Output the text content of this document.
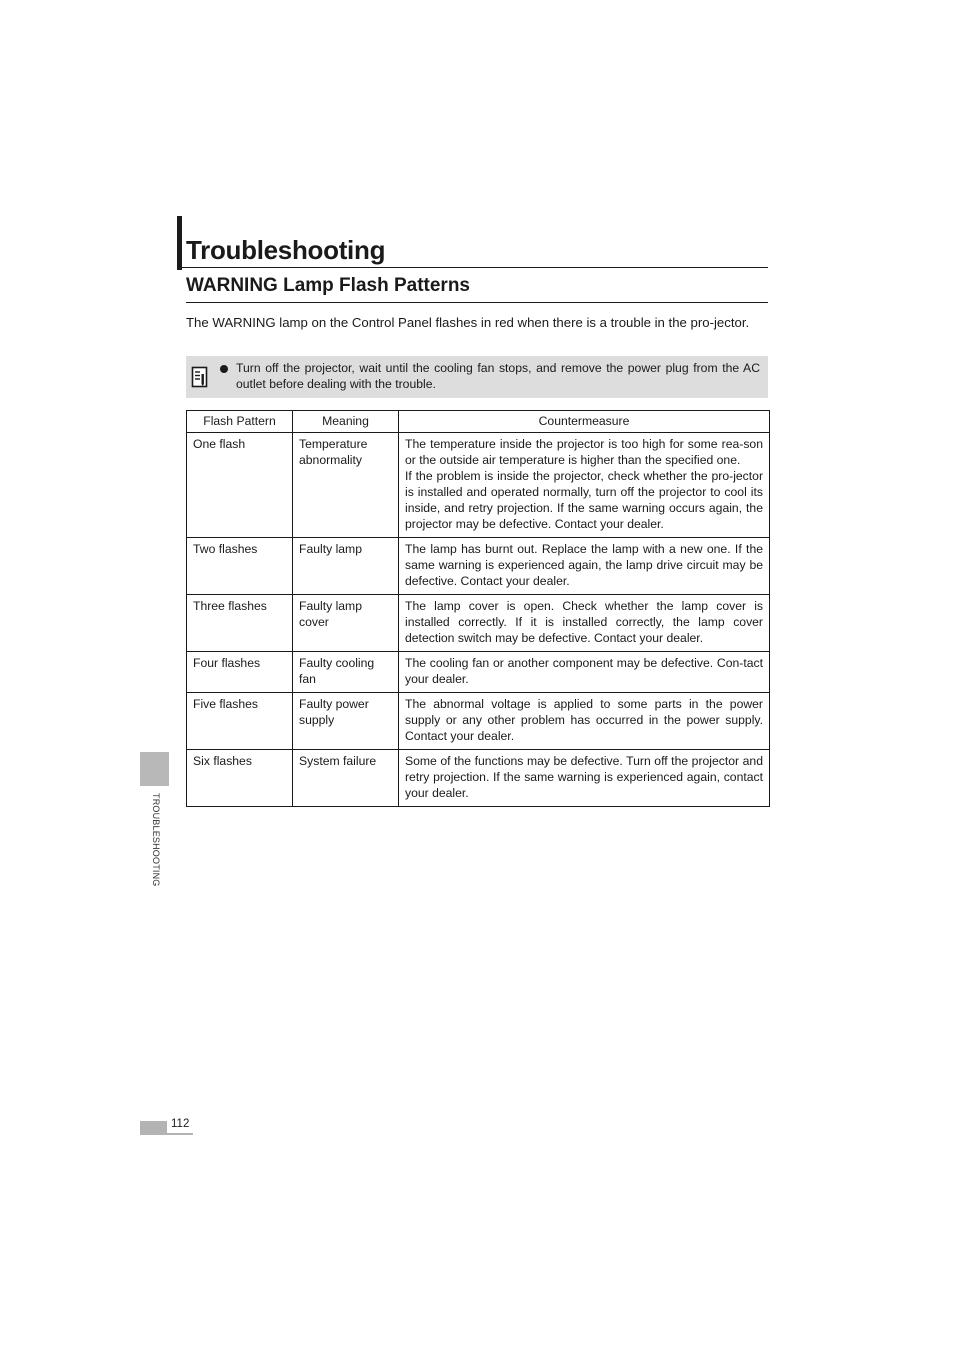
Troubleshooting
WARNING Lamp Flash Patterns

The WARNING lamp on the Control Panel flashes in red when there is a trouble in the pro-jector.

Turn off the projector, wait until the cooling fan stops, and remove the power plug from the AC outlet before dealing with the trouble.

Flash Pattern	Meaning	Countermeasure
One flash	Temperature abnormality	The temperature inside the projector is too high for some rea-son or the outside air temperature is higher than the specified one.
If the problem is inside the projector, check whether the pro-jector is installed and operated normally, turn off the projector to cool its inside, and retry projection. If the same warning occurs again, the projector may be defective. Contact your dealer.
Two flashes	Faulty lamp	The lamp has burnt out. Replace the lamp with a new one. If the same warning is experienced again, the lamp drive circuit may be defective. Contact your dealer.
Three flashes	Faulty lamp cover	The lamp cover is open. Check whether the lamp cover is installed correctly. If it is installed correctly, the lamp cover detection switch may be defective. Contact your dealer.
Four flashes	Faulty cooling fan	The cooling fan or another component may be defective. Con-tact your dealer.
Five flashes	Faulty power supply	The abnormal voltage is applied to some parts in the power supply or any other problem has occurred in the power supply. Contact your dealer.
Six flashes	System failure	Some of the functions may be defective. Turn off the projector and retry projection. If the same warning is experienced again, contact your dealer.
TROUBLESHOOTING
112
